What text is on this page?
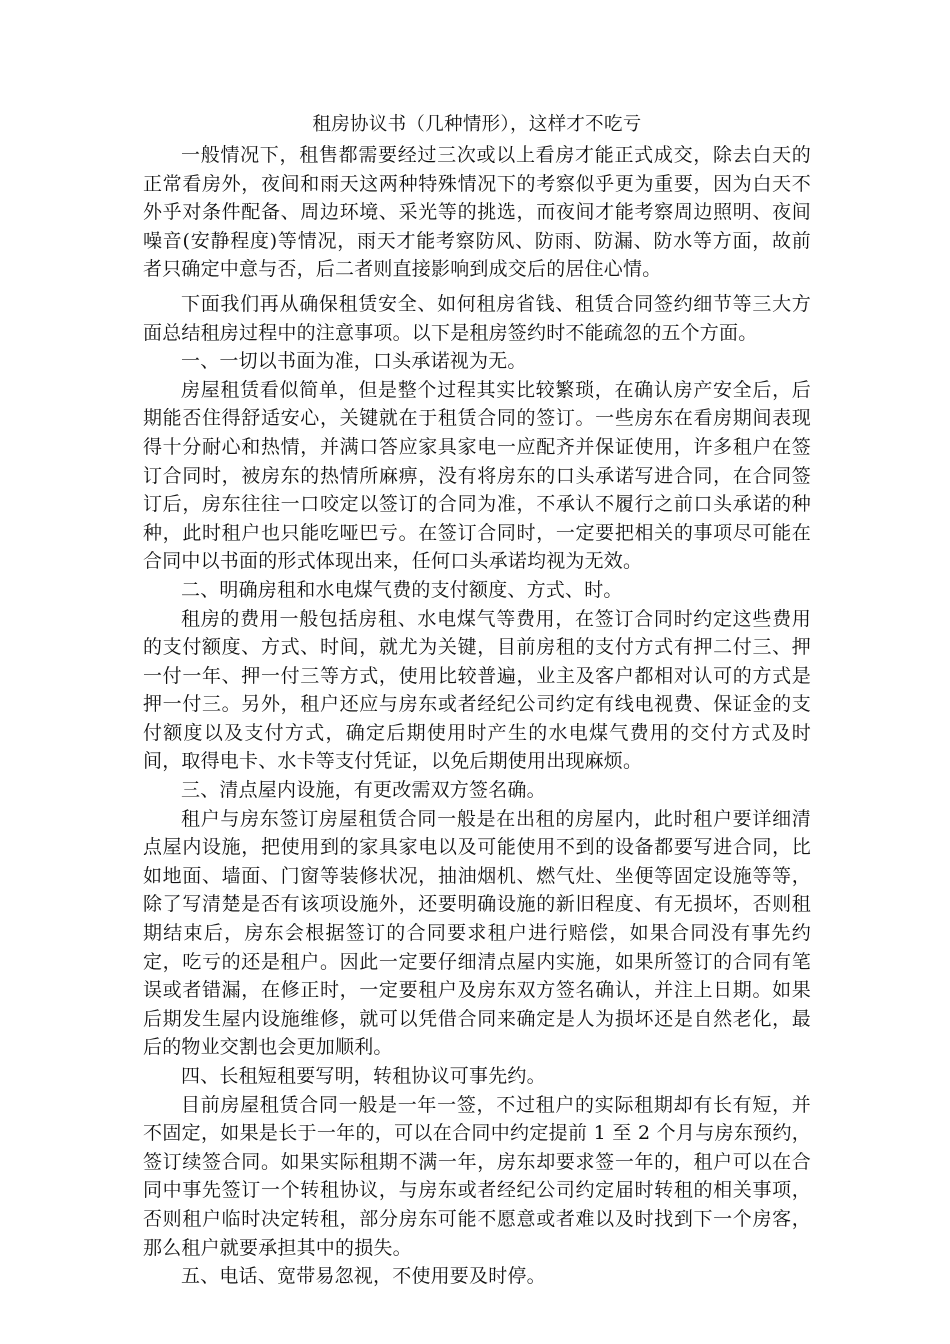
租房协议书（几种情形），这样才不吃亏

一般情况下，租售都需要经过三次或以上看房才能正式成交，除去白天的正常看房外，夜间和雨天这两种特殊情况下的考察似乎更为重要，因为白天不外乎对条件配备、周边环境、采光等的挑选，而夜间才能考察周边照明、夜间噪音(安静程度)等情况，雨天才能考察防风、防雨、防漏、防水等方面，故前者只确定中意与否，后二者则直接影响到成交后的居住心情。

下面我们再从确保租赁安全、如何租房省钱、租赁合同签约细节等三大方面总结租房过程中的注意事项。以下是租房签约时不能疏忽的五个方面。

一、一切以书面为准，口头承诺视为无。

房屋租赁看似简单，但是整个过程其实比较繁琐，在确认房产安全后，后期能否住得舒适安心，关键就在于租赁合同的签订。一些房东在看房期间表现得十分耐心和热情，并满口答应家具家电一应配齐并保证使用，许多租户在签订合同时，被房东的热情所麻痹，没有将房东的口头承诺写进合同，在合同签订后，房东往往一口咬定以签订的合同为准，不承认不履行之前口头承诺的种种，此时租户也只能吃哑巴亏。在签订合同时，一定要把相关的事项尽可能在合同中以书面的形式体现出来，任何口头承诺均视为无效。

二、明确房租和水电煤气费的支付额度、方式、时。

租房的费用一般包括房租、水电煤气等费用，在签订合同时约定这些费用的支付额度、方式、时间，就尤为关键，目前房租的支付方式有押二付三、押一付一年、押一付三等方式，使用比较普遍，业主及客户都相对认可的方式是押一付三。另外，租户还应与房东或者经纪公司约定有线电视费、保证金的支付额度以及支付方式，确定后期使用时产生的水电煤气费用的交付方式及时间，取得电卡、水卡等支付凭证，以免后期使用出现麻烦。

三、清点屋内设施，有更改需双方签名确。

租户与房东签订房屋租赁合同一般是在出租的房屋内，此时租户要详细清点屋内设施，把使用到的家具家电以及可能使用不到的设备都要写进合同，比如地面、墙面、门窗等装修状况，抽油烟机、燃气灶、坐便等固定设施等等，除了写清楚是否有该项设施外，还要明确设施的新旧程度、有无损坏，否则租期结束后，房东会根据签订的合同要求租户进行赔偿，如果合同没有事先约定，吃亏的还是租户。因此一定要仔细清点屋内实施，如果所签订的合同有笔误或者错漏，在修正时，一定要租户及房东双方签名确认，并注上日期。如果后期发生屋内设施维修，就可以凭借合同来确定是人为损坏还是自然老化，最后的物业交割也会更加顺利。

四、长租短租要写明，转租协议可事先约。

目前房屋租赁合同一般是一年一签，不过租户的实际租期却有长有短，并不固定，如果是长于一年的，可以在合同中约定提前 1 至 2 个月与房东预约，签订续签合同。如果实际租期不满一年，房东却要求签一年的，租户可以在合同中事先签订一个转租协议，与房东或者经纪公司约定届时转租的相关事项，否则租户临时决定转租，部分房东可能不愿意或者难以及时找到下一个房客，那么租户就要承担其中的损失。

五、电话、宽带易忽视，不使用要及时停。
